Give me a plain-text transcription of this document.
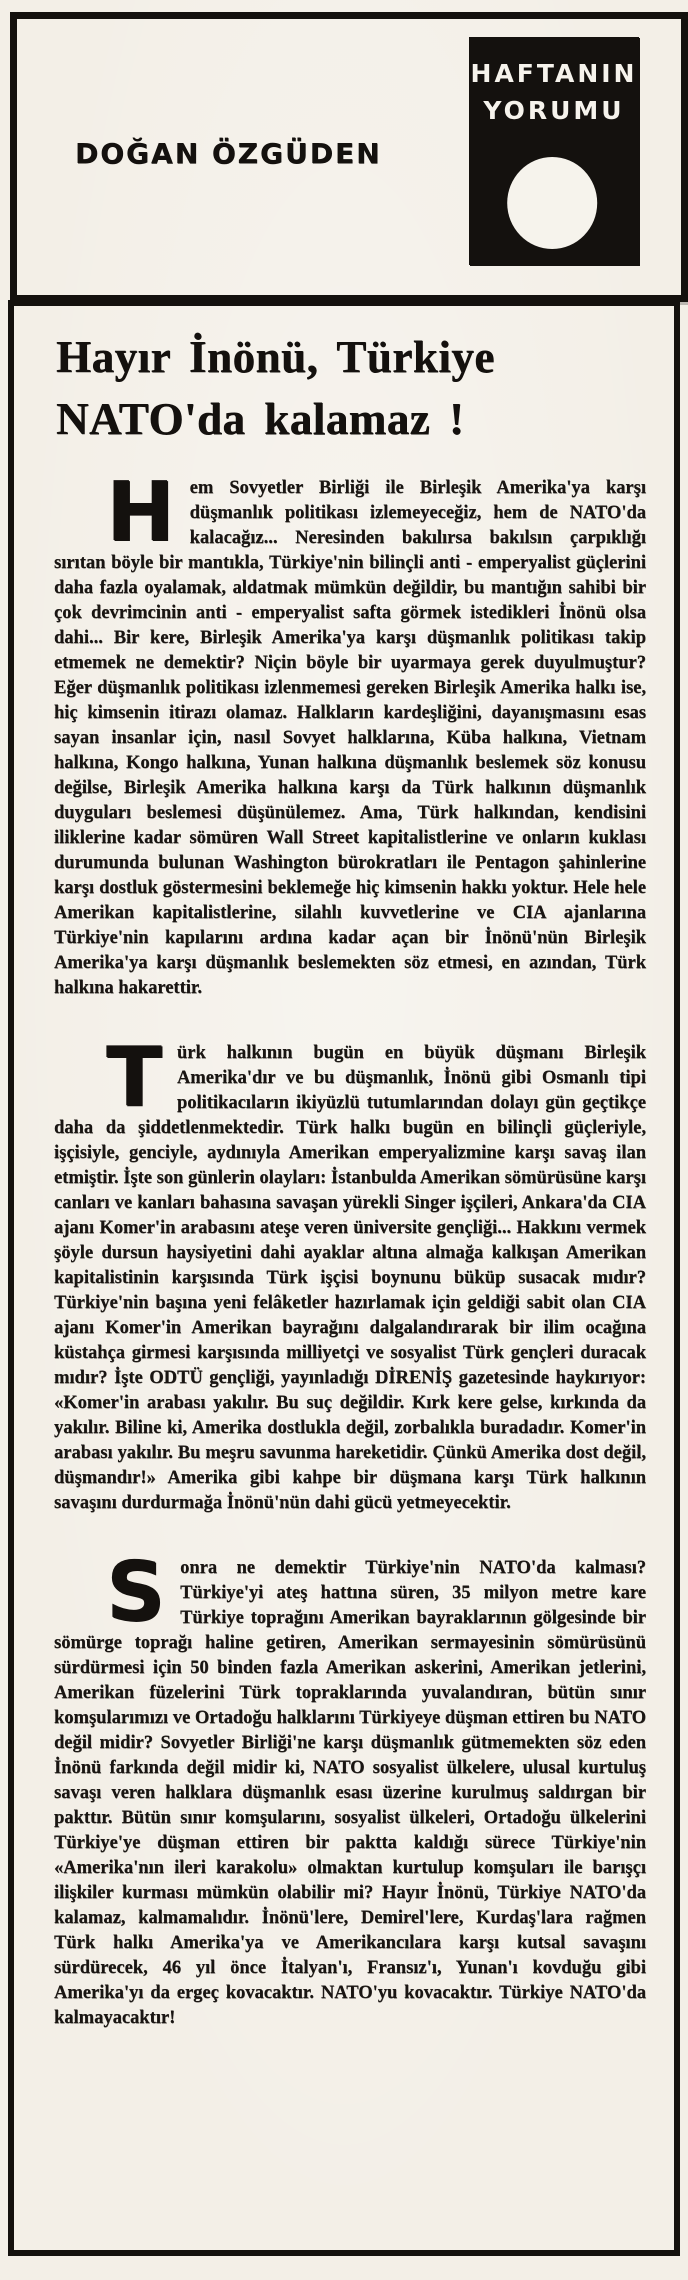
DOĞAN ÖZGÜDEN
HAFTANIN
YORUMU
Hayır İnönü, Türkiye
NATO'da kalamaz !

Hem Sovyetler Birliği ile Birleşik Amerika'ya karşı düşmanlık politikası izlemeyeceğiz, hem de NATO'da kalacağız... Neresinden bakılırsa bakılsın çarpıklığı sırıtan böyle bir mantıkla, Türkiye'nin bilinçli anti - emperyalist güçlerini daha fazla oyalamak, aldatmak mümkün değildir, bu mantığın sahibi bir çok devrimcinin anti - emperyalist safta görmek istedikleri İnönü olsa dahi... Bir kere, Birleşik Amerika'ya karşı düşmanlık politikası takip etmemek ne demektir? Niçin böyle bir uyarmaya gerek duyulmuştur? Eğer düşmanlık politikası izlenmemesi gereken Birleşik Amerika halkı ise, hiç kimsenin itirazı olamaz. Halkların kardeşliğini, dayanışmasını esas sayan insanlar için, nasıl Sovyet halklarına, Küba halkına, Vietnam halkına, Kongo halkına, Yunan halkına düşmanlık beslemek söz konusu değilse, Birleşik Amerika halkına karşı da Türk halkının düşmanlık duyguları beslemesi düşünülemez. Ama, Türk halkından, kendisini iliklerine kadar sömüren Wall Street kapitalistlerine ve onların kuklası durumunda bulunan Washington bürokratları ile Pentagon şahinlerine karşı dostluk göstermesini beklemeğe hiç kimsenin hakkı yoktur. Hele hele Amerikan kapitalistlerine, silahlı kuvvetlerine ve CIA ajanlarına Türkiye'nin kapılarını ardına kadar açan bir İnönü'nün Birleşik Amerika'ya karşı düşmanlık beslemekten söz etmesi, en azından, Türk halkına hakarettir.

Türk halkının bugün en büyük düşmanı Birleşik Amerika'dır ve bu düşmanlık, İnönü gibi Osmanlı tipi politikacıların ikiyüzlü tutumlarından dolayı gün geçtikçe daha da şiddetlenmektedir. Türk halkı bugün en bilinçli güçleriyle, işçisiyle, genciyle, aydınıyla Amerikan emperyalizmine karşı savaş ilan etmiştir. İşte son günlerin olayları: İstanbulda Amerikan sömürüsüne karşı canları ve kanları bahasına savaşan yürekli Singer işçileri, Ankara'da CIA ajanı Komer'in arabasını ateşe veren üniversite gençliği... Hakkını vermek şöyle dursun haysiyetini dahi ayaklar altına almağa kalkışan Amerikan kapitalistinin karşısında Türk işçisi boynunu büküp susacak mıdır? Türkiye'nin başına yeni felâketler hazırlamak için geldiği sabit olan CIA ajanı Komer'in Amerikan bayrağını dalgalandırarak bir ilim ocağına küstahça girmesi karşısında milliyetçi ve sosyalist Türk gençleri duracak mıdır? İşte ODTÜ gençliği, yayınladığı DİRENİŞ gazetesinde haykırıyor: «Komer'in arabası yakılır. Bu suç değildir. Kırk kere gelse, kırkında da yakılır. Biline ki, Amerika dostlukla değil, zorbalıkla buradadır. Komer'in arabası yakılır. Bu meşru savunma hareketidir. Çünkü Amerika dost değil, düşmandır!» Amerika gibi kahpe bir düşmana karşı Türk halkının savaşını durdurmağa İnönü'nün dahi gücü yetmeyecektir.

Sonra ne demektir Türkiye'nin NATO'da kalması? Türkiye'yi ateş hattına süren, 35 milyon metre kare Türkiye toprağını Amerikan bayraklarının gölgesinde bir sömürge toprağı haline getiren, Amerikan sermayesinin sömürüsünü sürdürmesi için 50 binden fazla Amerikan askerini, Amerikan jetlerini, Amerikan füzelerini Türk topraklarında yuvalandıran, bütün sınır komşularımızı ve Ortadoğu halklarını Türkiyeye düşman ettiren bu NATO değil midir? Sovyetler Birliği'ne karşı düşmanlık gütmemekten söz eden İnönü farkında değil midir ki, NATO sosyalist ülkelere, ulusal kurtuluş savaşı veren halklara düşmanlık esası üzerine kurulmuş saldırgan bir pakttır. Bütün sınır komşularını, sosyalist ülkeleri, Ortadoğu ülkelerini Türkiye'ye düşman ettiren bir paktta kaldığı sürece Türkiye'nin «Amerika'nın ileri karakolu» olmaktan kurtulup komşuları ile barışçı ilişkiler kurması mümkün olabilir mi? Hayır İnönü, Türkiye NATO'da kalamaz, kalmamalıdır. İnönü'lere, Demirel'lere, Kurdaş'lara rağmen Türk halkı Amerika'ya ve Amerikancılara karşı kutsal savaşını sürdürecek, 46 yıl önce İtalyan'ı, Fransız'ı, Yunan'ı kovduğu gibi Amerika'yı da ergeç kovacaktır. NATO'yu kovacaktır. Türkiye NATO'da kalmayacaktır!
